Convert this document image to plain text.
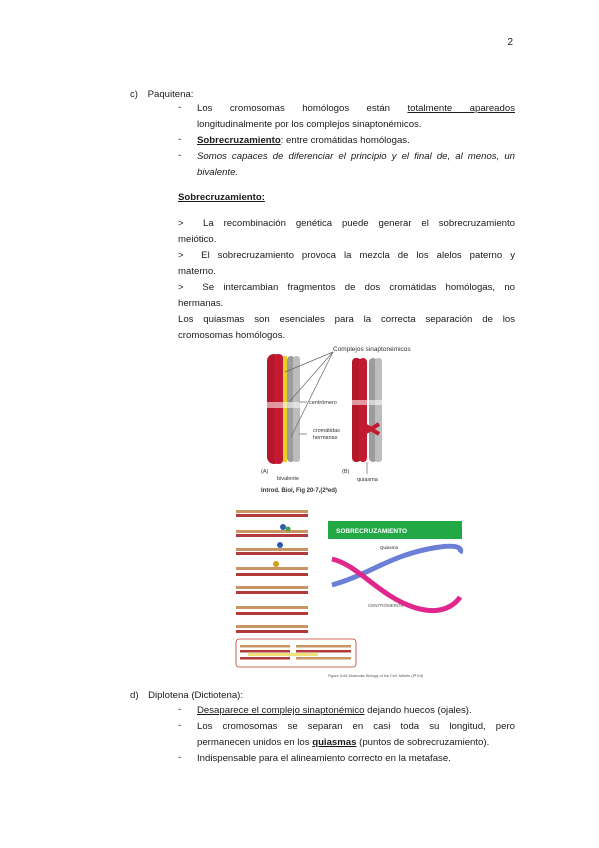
2
c) Paquitena:
-	Los cromosomas homólogos están totalmente apareados
longitudinalmente por los complejos sinaptonémicos.
-	Sobrecruzamiento: entre cromátidas homólogas.
-	Somos capaces de diferenciar el principio y el final de, al menos, un
bivalente.
Sobrecruzamiento:
>  La recombinación genética puede generar el sobrecruzamiento
meiótico.
>  El sobrecruzamiento provoca la mezcla de los alelos paterno y
materno.
>  Se intercambian fragmentos de dos cromátidas homólogas, no
hermanas.
Los quiasmas son esenciales para la correcta separación de los
cromosomas homólogos.
Complejos sinaptonémicos
centrómero
cromátidas
hermanas
(A)	(B)
bivalente	quiasma
Introd. Biol, Fig 20-7,(2ªed)
SOBRECRUZAMIENTO
Quiasma
CENTRÓMEROS
Figure 5-64 Molecular Biology of the Cell. Alberts (5ª Ed)
d) Diplotena (Dictiotena):
-	Desaparece el complejo sinaptonémico dejando huecos (ojales).
-	Los cromosomas se separan en casi toda su longitud, pero
permanecen unidos en los quiasmas (puntos de sobrecruzamiento).
-	Indispensable para el alineamiento correcto en la metafase.
